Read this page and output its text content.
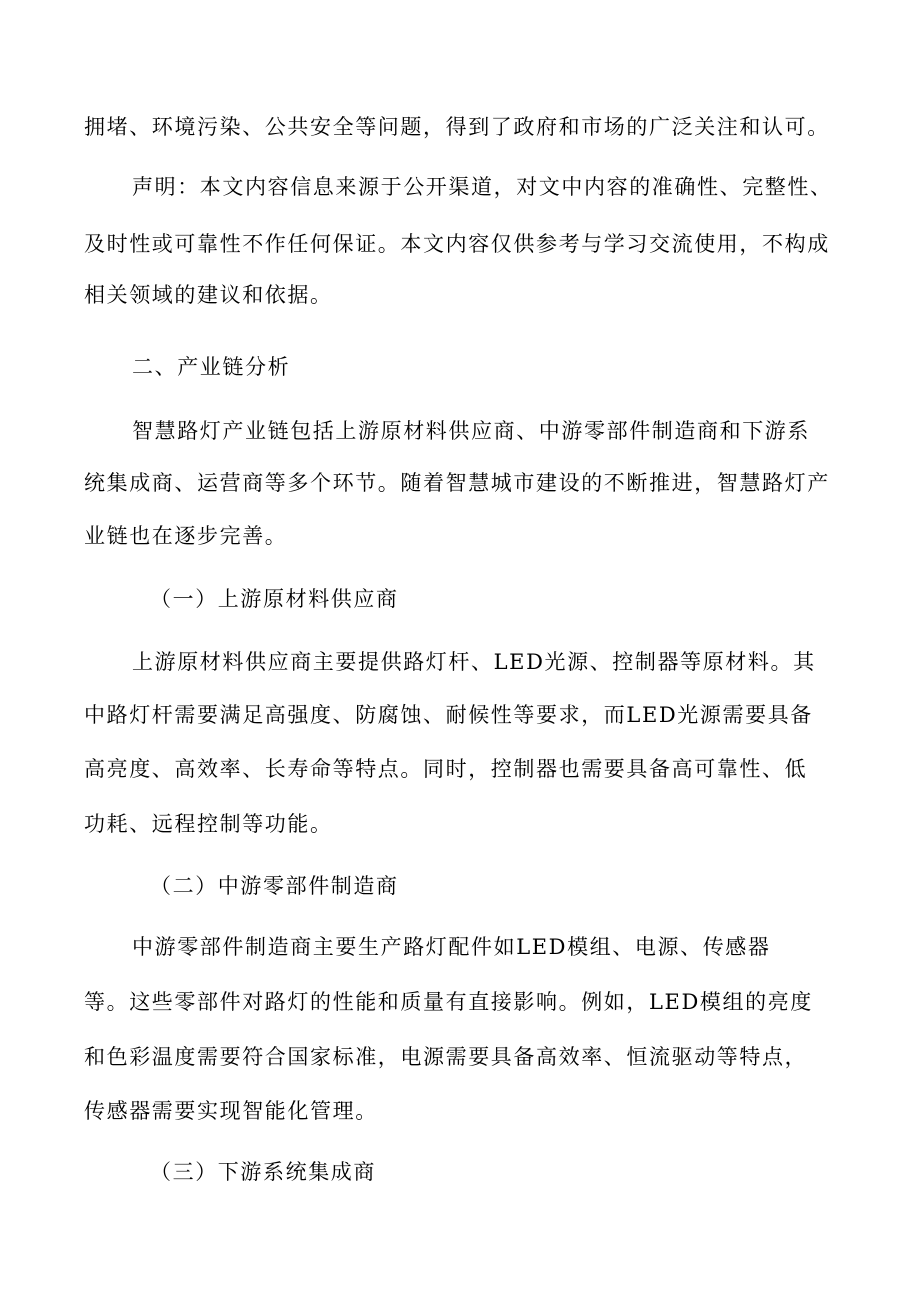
拥堵、环境污染、公共安全等问题，得到了政府和市场的广泛关注和认可。
声明：本文内容信息来源于公开渠道，对文中内容的准确性、完整性、
及时性或可靠性不作任何保证。本文内容仅供参考与学习交流使用，不构成
相关领域的建议和依据。
二、产业链分析
智慧路灯产业链包括上游原材料供应商、中游零部件制造商和下游系
统集成商、运营商等多个环节。随着智慧城市建设的不断推进，智慧路灯产
业链也在逐步完善。
（一）上游原材料供应商
上游原材料供应商主要提供路灯杆、LED光源、控制器等原材料。其
中路灯杆需要满足高强度、防腐蚀、耐候性等要求，而LED光源需要具备
高亮度、高效率、长寿命等特点。同时，控制器也需要具备高可靠性、低
功耗、远程控制等功能。
（二）中游零部件制造商
中游零部件制造商主要生产路灯配件如LED模组、电源、传感器
等。这些零部件对路灯的性能和质量有直接影响。例如，LED模组的亮度
和色彩温度需要符合国家标准，电源需要具备高效率、恒流驱动等特点，
传感器需要实现智能化管理。
（三）下游系统集成商
